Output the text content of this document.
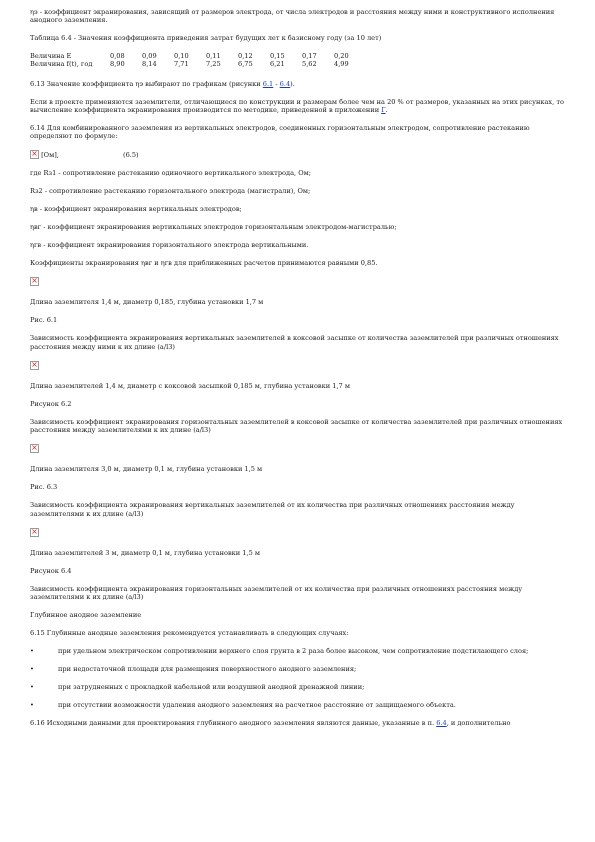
ηэ - коэффициент экранирования, зависящий от размеров электрода, от числа электродов и расстояния между ними и конструктивного исполнения анодного заземления.

Таблица 6.4 - Значения коэффициента приведения затрат будущих лет к базисному году (за 10 лет)

Величина Е	0,08	0,09	0,10	0,11	0,12	0,15	0,17	0,20
Величина f(t), год	8,90	8,14	7,71	7,25	6,75	6,21	5,62	4,99

6.13 Значение коэффициента ηэ выбирают по графикам (рисунки 6.1 - 6.4).

Если в проекте применяются заземлители, отличающиеся по конструкции и размерам более чем на 20 % от размеров, указанных на этих рисунках, то вычисление коэффициента экранирования производится по методике, приведенной в приложении Г.

6.14 Для комбинированного заземления из вертикальных электродов, соединенных горизонтальным электродом, сопротивление растеканию определяют по формуле:

× [Ом],	(6.5)

где Rз1 - сопротивление растеканию одиночного вертикального электрода, Ом;

Rз2 - сопротивление растеканию горизонтального электрода (магистрали), Ом;

ηв - коэффициент экранирования вертикальных электродов;

ηвг - коэффициент экранирования вертикальных электродов горизонтальным электродом-магистралью;

ηгв - коэффициент экранирования горизонтального электрода вертикальными.

Коэффициенты экранирования ηвг и ηгв для приближенных расчетов принимаются равными 0,85.

×

Длина заземлителя 1,4 м, диаметр 0,185, глубина установки 1,7 м

Рис. 6.1

Зависимость коэффициента экранирования вертикальных заземлителей в коксовой засыпке от количества заземлителей при различных отношениях расстояния между ними к их длине (а/l3)

×

Длина заземлителей 1,4 м, диаметр с коксовой засыпкой 0,185 м, глубина установки 1,7 м

Рисунок 6.2

Зависимость коэффициент экранирования горизонтальных заземлителей в коксовой засыпке от количества заземлителей при различных отношениях расстояния между заземлителями к их длине (а/l3)

×

Длина заземлителя 3,0 м, диаметр 0,1 м, глубина установки 1,5 м

Рис. 6.3

Зависимость коэффициента экранирования вертикальных заземлителей от их количества при различных отношениях расстояния между заземлителями к их длине (а/l3)

×

Длина заземлителей 3 м, диаметр 0,1 м, глубина установки 1,5 м

Рисунок 6.4

Зависимость коэффициента экранирования горизонтальных заземлителей от их количества при различных отношениях расстояния между заземлителями к их длине (а/l3)

Глубинное анодное заземление

6.15 Глубинные анодные заземления рекомендуется устанавливать в следующих случаях:

•	при удельном электрическом сопротивлении верхнего слоя грунта в 2 раза более высоком, чем сопротивление подстилающего слоя;
•	при недостаточной площади для размещения поверхностного анодного заземления;
•	при затрудненных с прокладкой кабельной или воздушной анодной дренажной линии;
•	при отсутствии возможности удаления анодного заземления на расчетное расстояние от защищаемого объекта.

6.16 Исходными данными для проектирования глубинного анодного заземления являются данные, указанные в п. 6.4, и дополнительно
